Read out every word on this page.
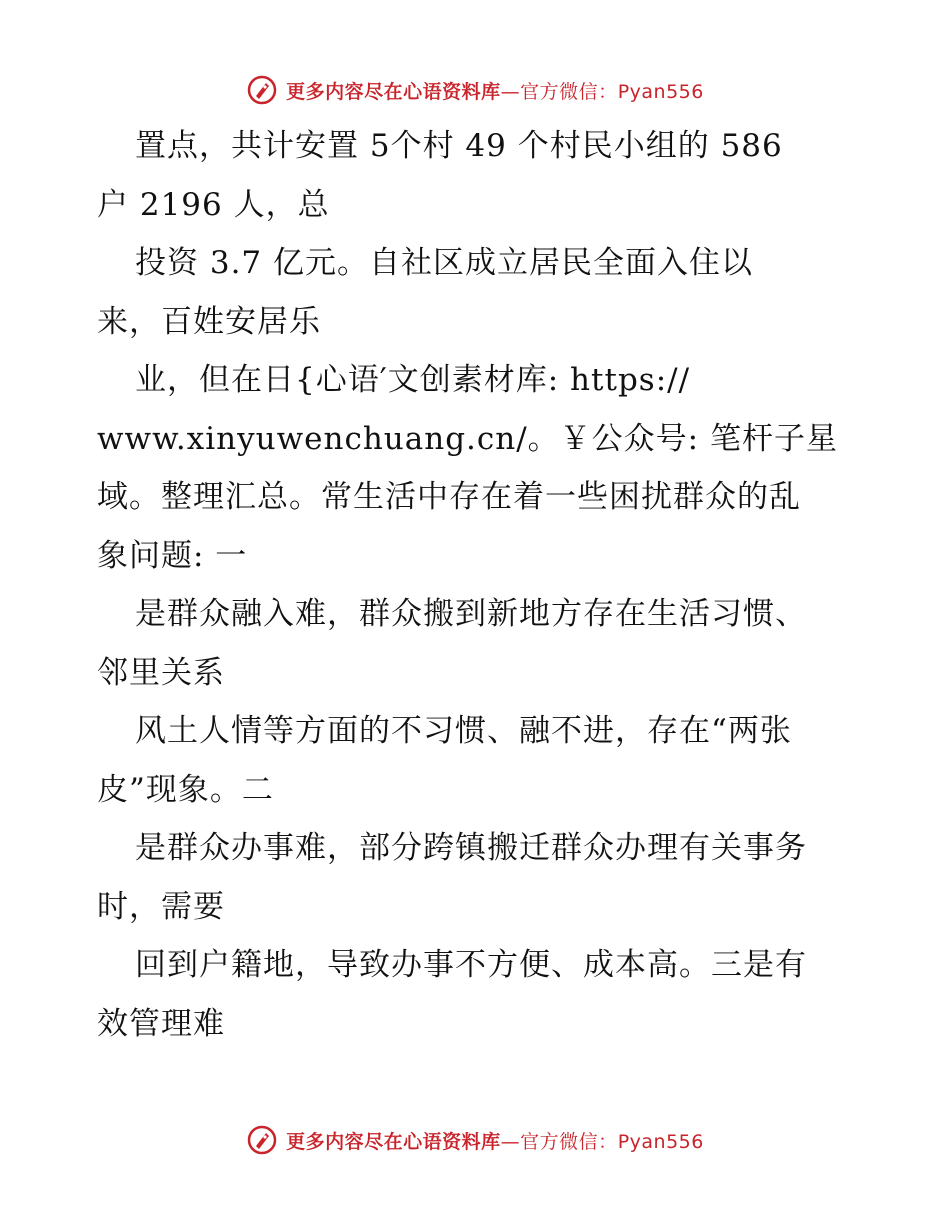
更多内容尽在心语资料库—官方微信：Pyan556
置点，共计安置 5个村 49 个村民小组的 586
户 2196 人，总
投资 3.7 亿元。自社区成立居民全面入住以
来，百姓安居乐
业，但在日{心语′文创素材库: https://
www.xinyuwenchuang.cn/。￥公众号: 笔杆子星
域。整理汇总。常生活中存在着一些困扰群众的乱
象问题: 一
是群众融入难，群众搬到新地方存在生活习惯、
邻里关系
风土人情等方面的不习惯、融不进，存在“两张
皮”现象。二
是群众办事难，部分跨镇搬迁群众办理有关事务
时，需要
回到户籍地，导致办事不方便、成本高。三是有
效管理难
更多内容尽在心语资料库—官方微信：Pyan556
